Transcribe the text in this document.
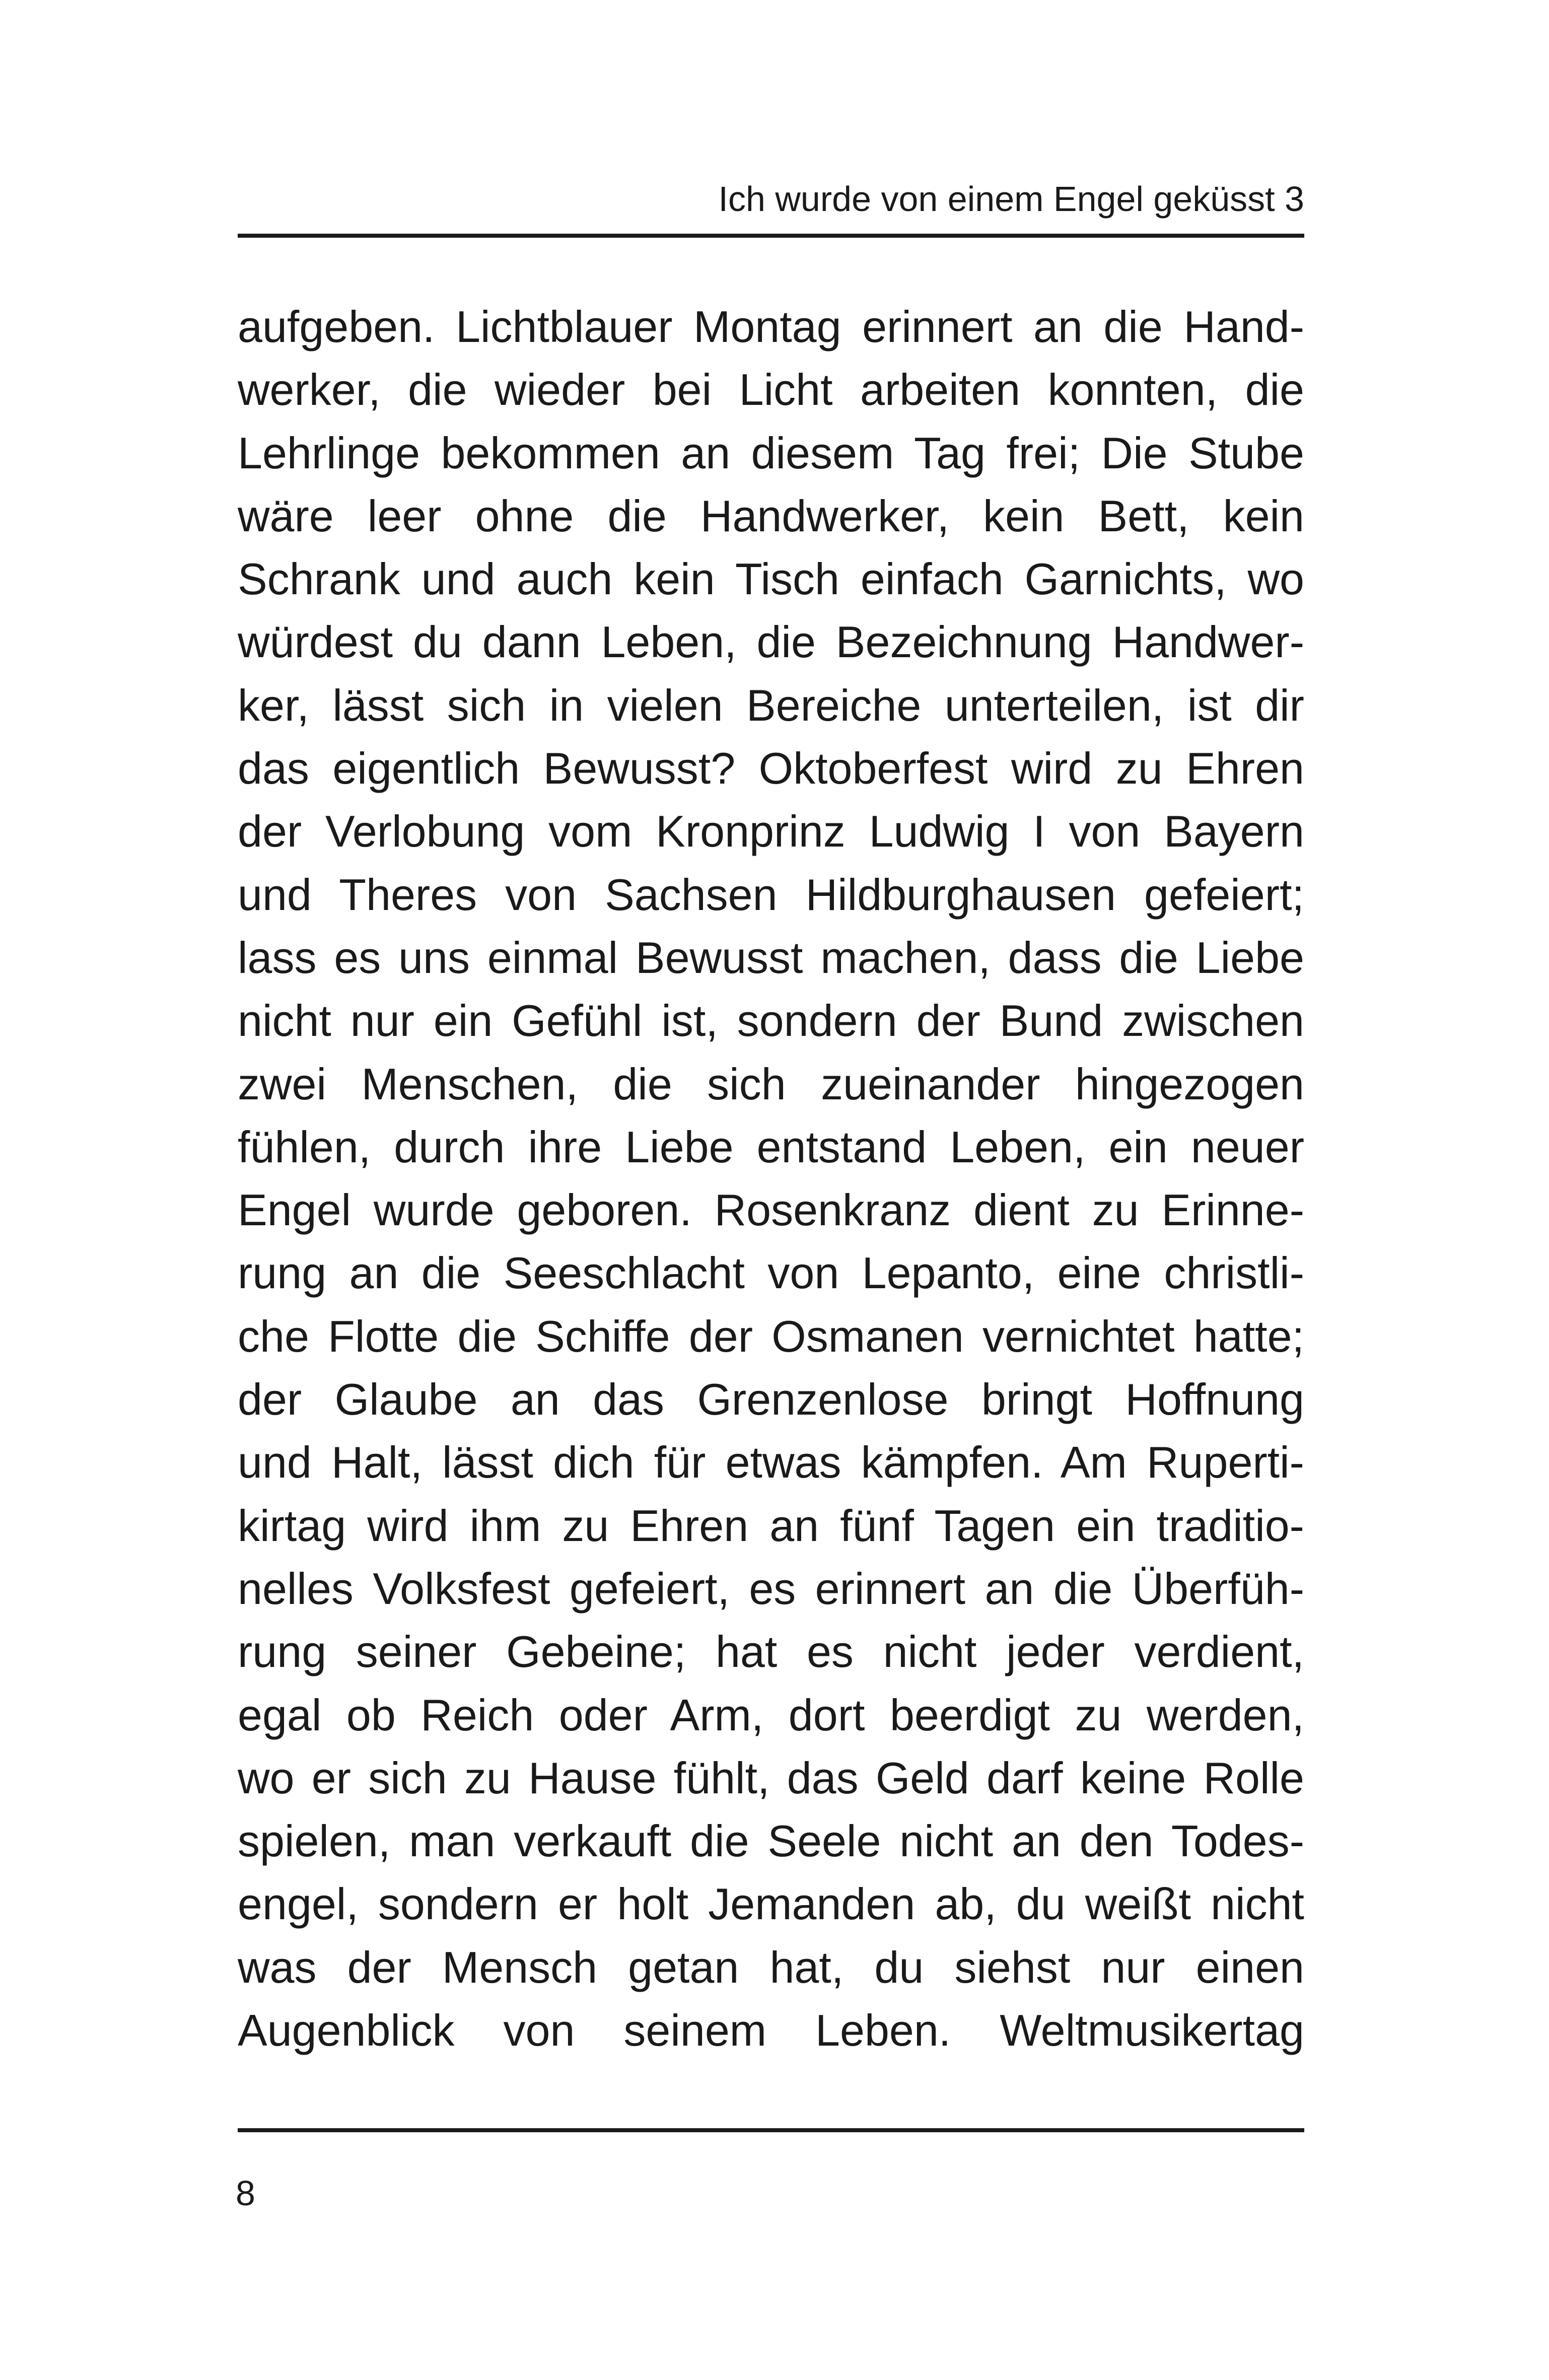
Ich wurde von einem Engel geküsst 3
aufgeben. Lichtblauer Montag erinnert an die Hand-
werker, die wieder bei Licht arbeiten konnten, die
Lehrlinge bekommen an diesem Tag frei; Die Stube
wäre leer ohne die Handwerker, kein Bett, kein
Schrank und auch kein Tisch einfach Garnichts, wo
würdest du dann Leben, die Bezeichnung Handwer-
ker, lässt sich in vielen Bereiche unterteilen, ist dir
das eigentlich Bewusst? Oktoberfest wird zu Ehren
der Verlobung vom Kronprinz Ludwig I von Bayern
und Theres von Sachsen Hildburghausen gefeiert;
lass es uns einmal Bewusst machen, dass die Liebe
nicht nur ein Gefühl ist, sondern der Bund zwischen
zwei Menschen, die sich zueinander hingezogen
fühlen, durch ihre Liebe entstand Leben, ein neuer
Engel wurde geboren. Rosenkranz dient zu Erinne-
rung an die Seeschlacht von Lepanto, eine christli-
che Flotte die Schiffe der Osmanen vernichtet hatte;
der Glaube an das Grenzenlose bringt Hoffnung
und Halt, lässt dich für etwas kämpfen. Am Ruperti-
kirtag wird ihm zu Ehren an fünf Tagen ein traditio-
nelles Volksfest gefeiert, es erinnert an die Überfüh-
rung seiner Gebeine; hat es nicht jeder verdient,
egal ob Reich oder Arm, dort beerdigt zu werden,
wo er sich zu Hause fühlt, das Geld darf keine Rolle
spielen, man verkauft die Seele nicht an den Todes-
engel, sondern er holt Jemanden ab, du weißt nicht
was der Mensch getan hat, du siehst nur einen
Augenblick von seinem Leben. Weltmusikertag
8
